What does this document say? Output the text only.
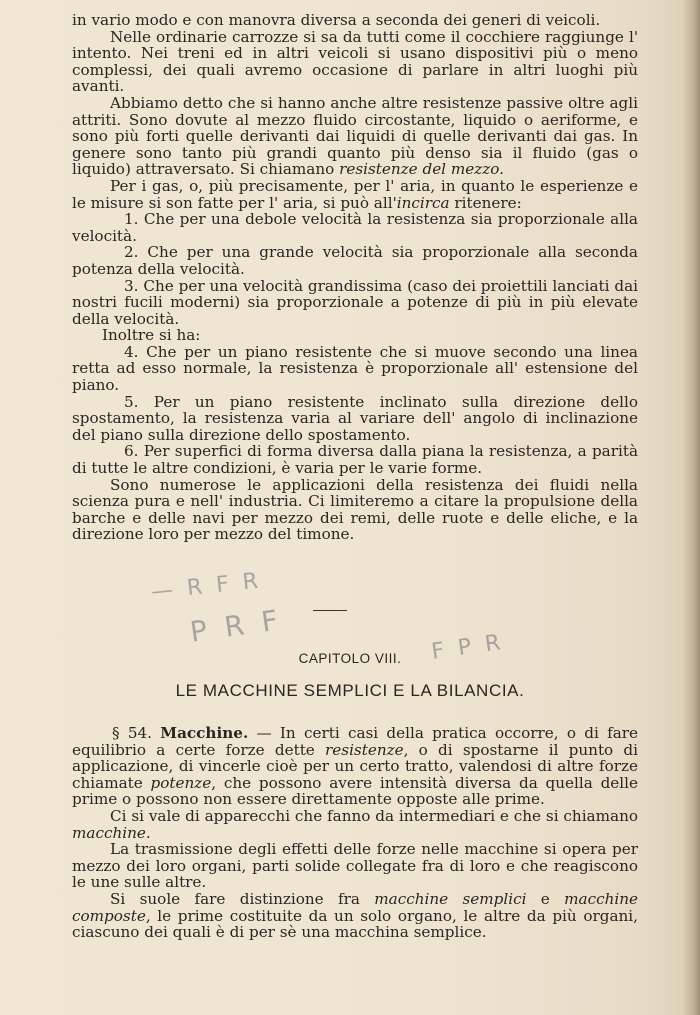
in vario modo e con manovra diversa a seconda dei generi di veicoli.

Nelle ordinarie carrozze si sa da tutti come il cocchiere raggiunge l' intento. Nei treni ed in altri veicoli si usano dispositivi più o meno complessi, dei quali avremo occasione di parlare in altri luoghi più avanti.

Abbiamo detto che si hanno anche altre resistenze passive oltre agli attriti. Sono dovute al mezzo fluido circostante, liquido o aeriforme, e sono più forti quelle derivanti dai liquidi di quelle derivanti dai gas. In genere sono tanto più grandi quanto più denso sia il fluido (gas o liquido) attraversato. Si chiamano resistenze del mezzo.

Per i gas, o, più precisamente, per l' aria, in quanto le esperienze e le misure si son fatte per l' aria, si può all'incirca ritenere:

1. Che per una debole velocità la resistenza sia proporzionale alla velocità.

2. Che per una grande velocità sia proporzionale alla seconda potenza della velocità.

3. Che per una velocità grandissima (caso dei proiettili lanciati dai nostri fucili moderni) sia proporzionale a potenze di più in più elevate della velocità.

Inoltre si ha:

4. Che per un piano resistente che si muove secondo una linea retta ad esso normale, la resistenza è proporzionale all' estensione del piano.

5. Per un piano resistente inclinato sulla direzione dello spostamento, la resistenza varia al variare dell' angolo di inclinazione del piano sulla direzione dello spostamento.

6. Per superfici di forma diversa dalla piana la resistenza, a parità di tutte le altre condizioni, è varia per le varie forme.

Sono numerose le applicazioni della resistenza dei fluidi nella scienza pura e nell' industria. Ci limiteremo a citare la propulsione della barche e delle navi per mezzo dei remi, delle ruote e delle eliche, e la direzione loro per mezzo del timone.

—  R  F  R
P  R  F	F  P  R
CAPITOLO VIII.
LE MACCHINE SEMPLICI E LA BILANCIA.

§ 54. Macchine. — In certi casi della pratica occorre, o di fare equilibrio a certe forze dette resistenze, o di spostarne il punto di applicazione, di vincerle cioè per un certo tratto, valendosi di altre forze chiamate potenze, che possono avere intensità diversa da quella delle prime o possono non essere direttamente opposte alle prime.

Ci si vale di apparecchi che fanno da intermediari e che si chiamano macchine.

La trasmissione degli effetti delle forze nelle macchine si opera per mezzo dei loro organi, parti solide collegate fra di loro e che reagiscono le une sulle altre.

Si suole fare distinzione fra macchine semplici e macchine composte, le prime costituite da un solo organo, le altre da più organi, ciascuno dei quali è di per sè una macchina semplice.
